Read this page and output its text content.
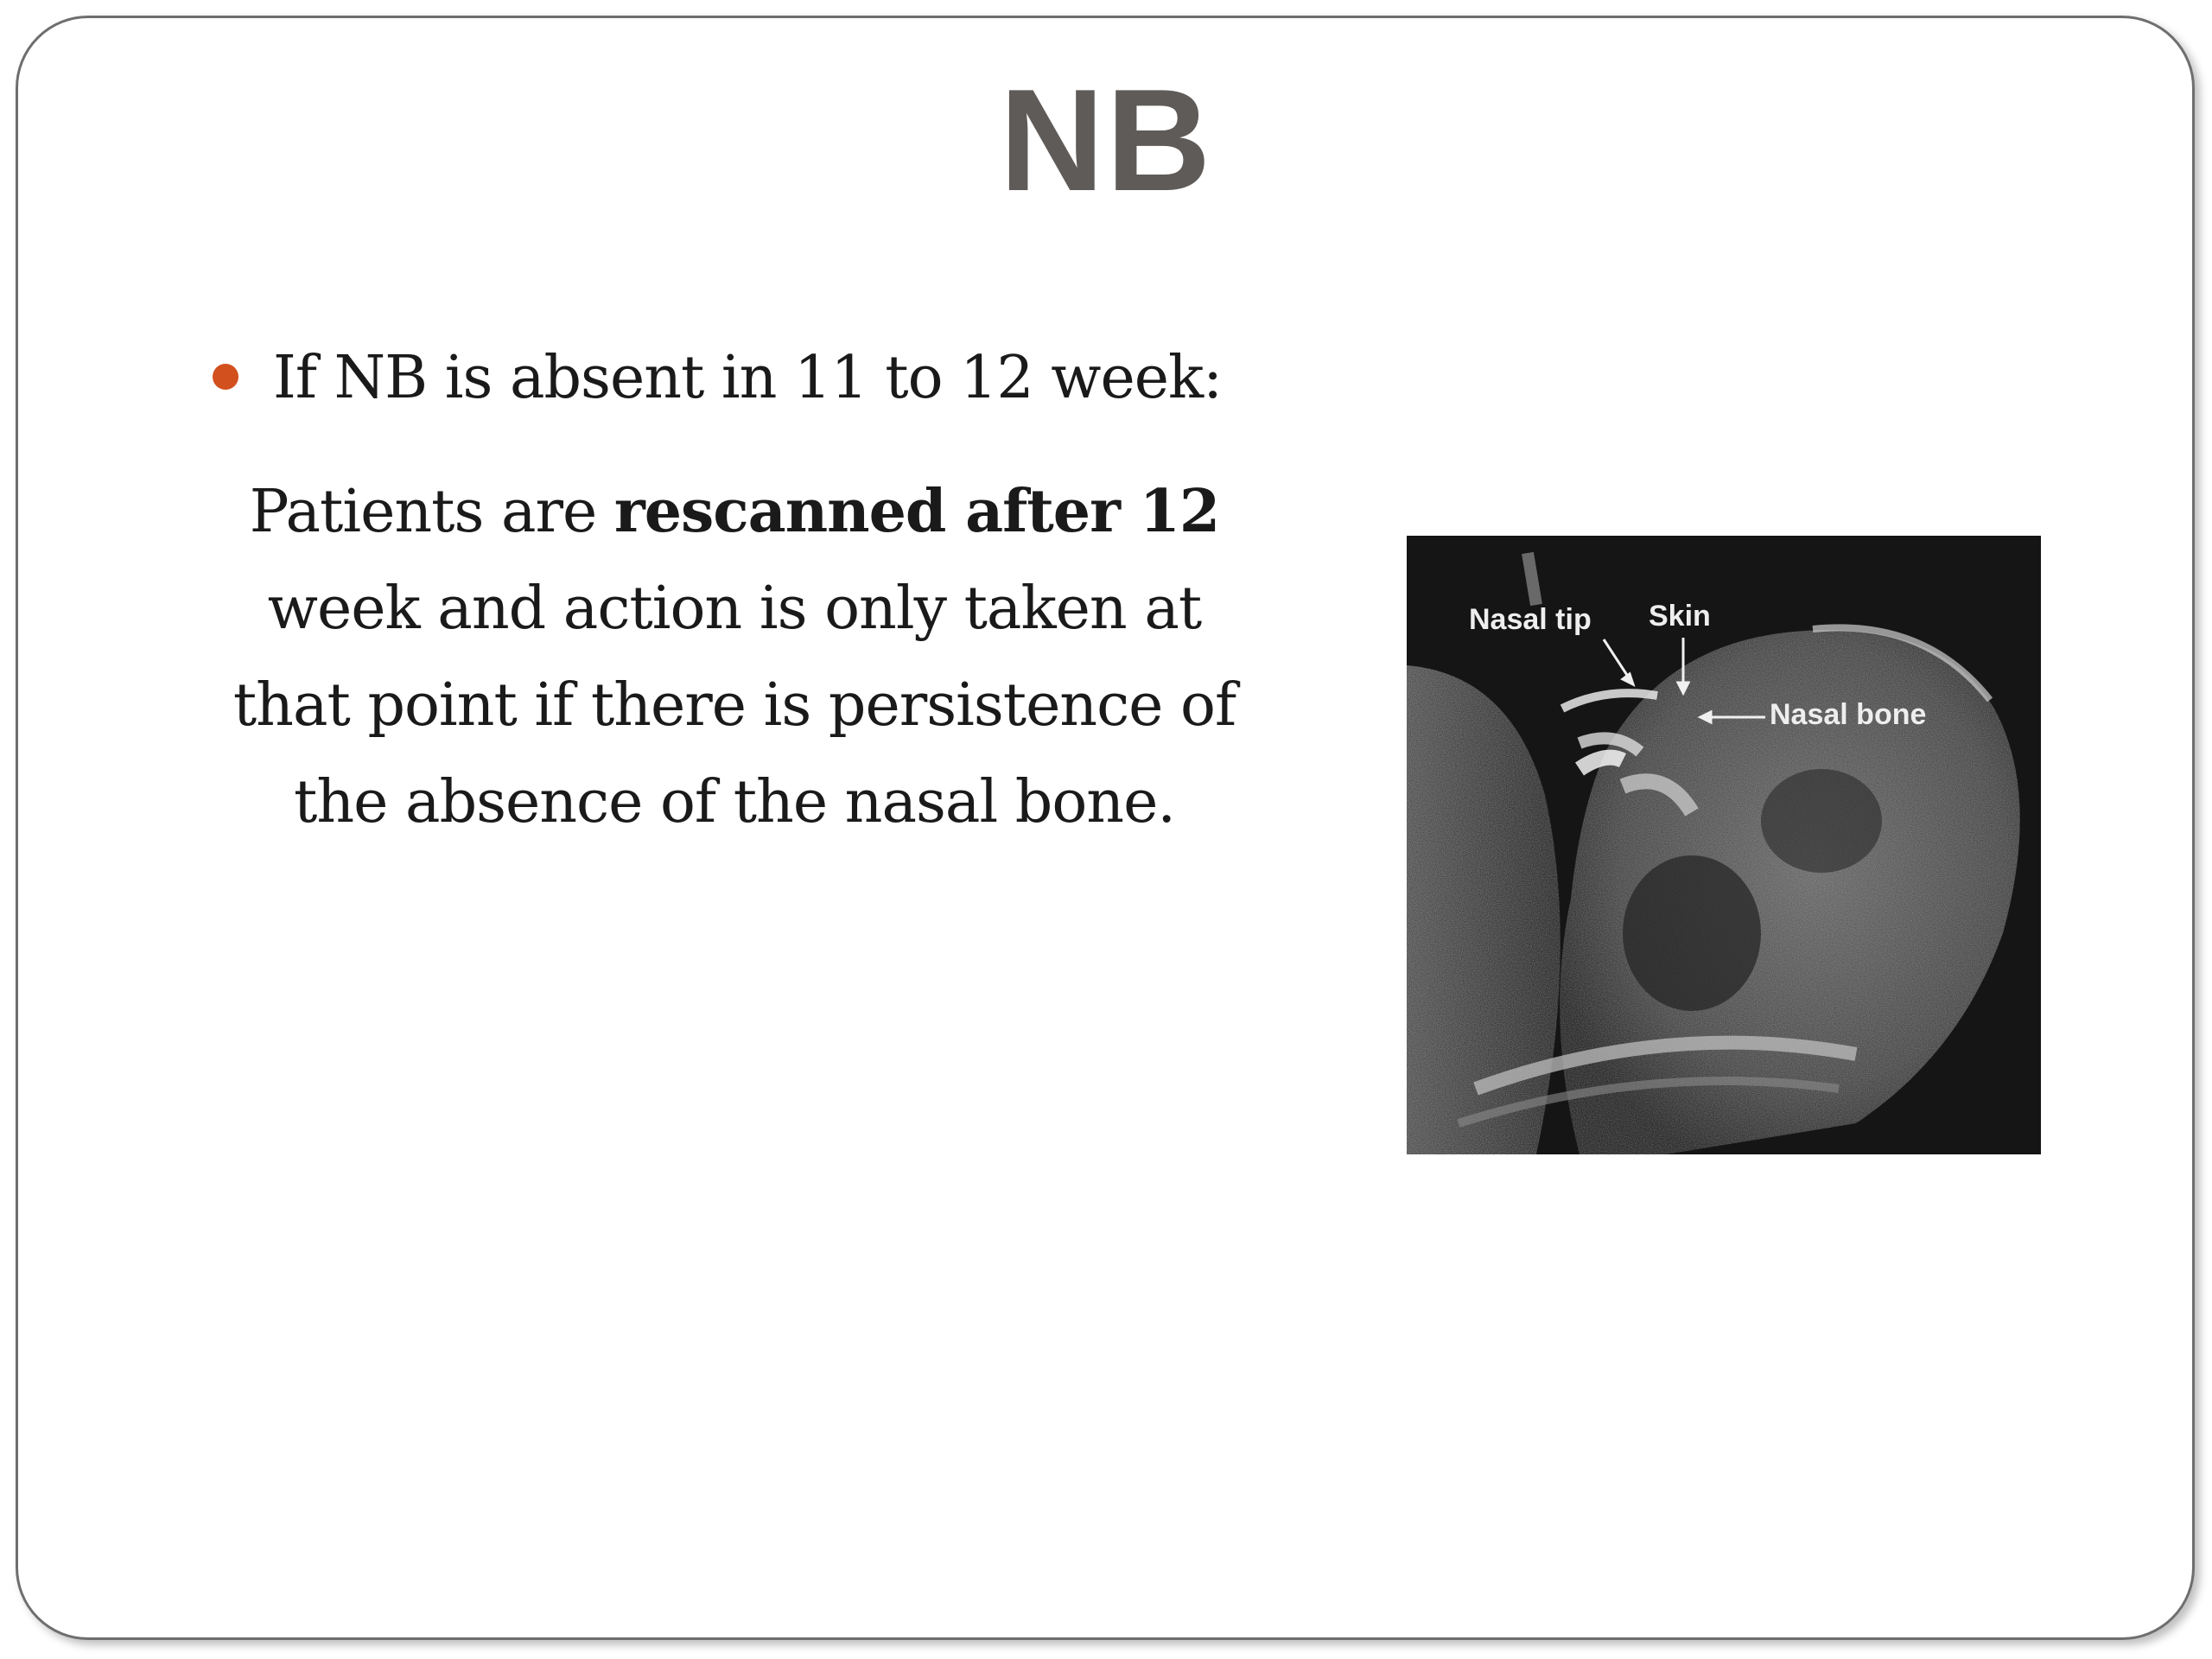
NB
If NB is absent in 11 to 12 week:
Patients are rescanned after 12
week and action is only taken at
that point if there is persistence of
the absence of the nasal bone.
Nasal tip Skin
Nasal bone
